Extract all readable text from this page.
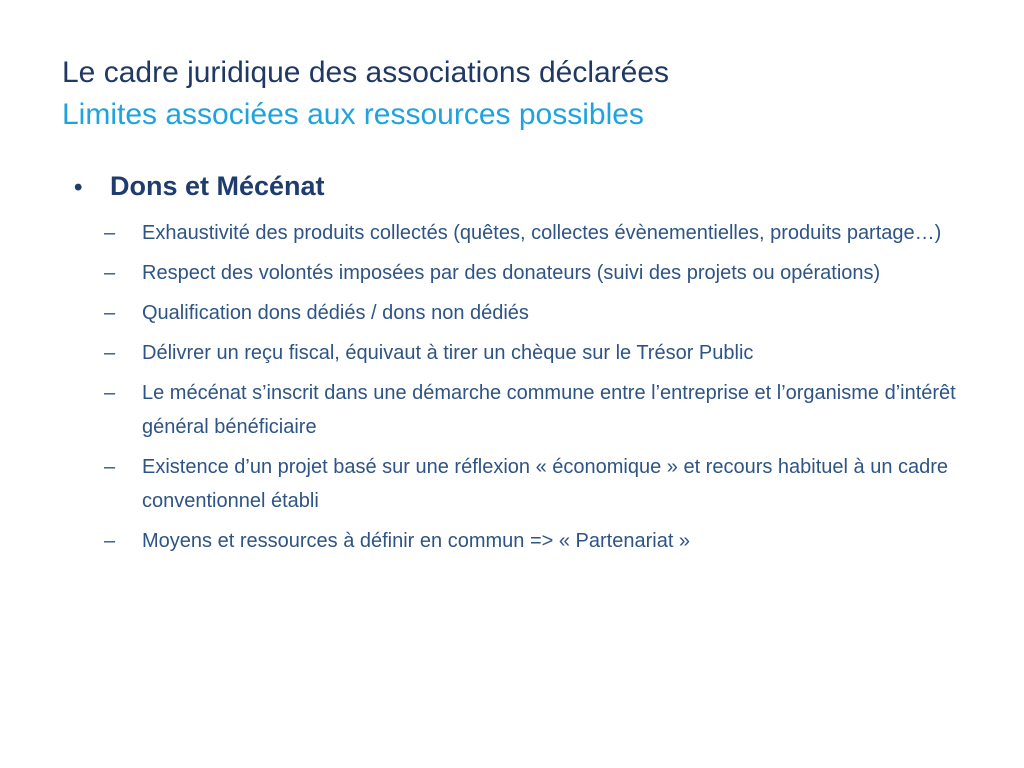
Le cadre juridique des associations déclarées
Limites associées aux ressources possibles
•	Dons et Mécénat
–	Exhaustivité des produits collectés (quêtes, collectes évènementielles, produits partage…)
–	Respect des volontés imposées par des donateurs (suivi des projets ou opérations)
–	Qualification dons dédiés / dons non dédiés
–	Délivrer un reçu fiscal, équivaut à tirer un chèque sur le Trésor Public
–	Le mécénat s’inscrit dans une démarche commune entre l’entreprise et l’organisme d’intérêt général bénéficiaire
–	Existence d’un projet basé sur une réflexion « économique » et recours habituel à un cadre conventionnel établi
–	Moyens et ressources à définir en commun => « Partenariat »
